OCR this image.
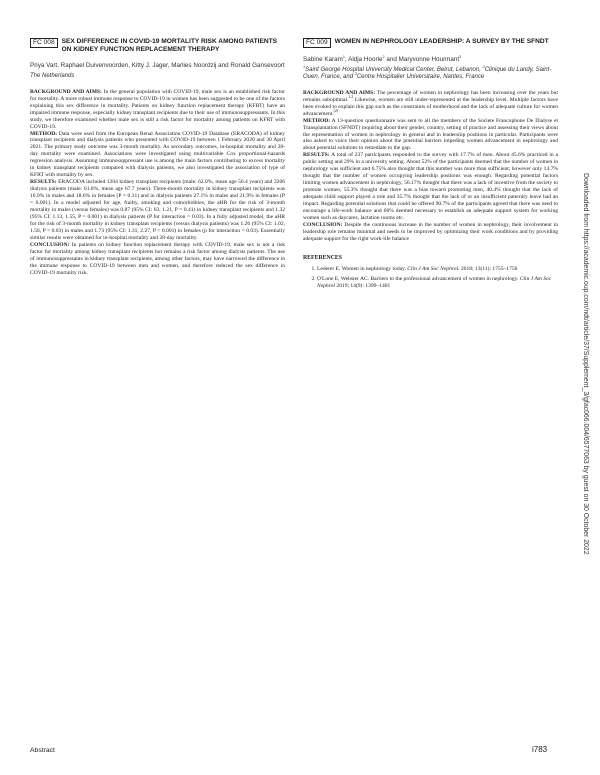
FC 008	SEX DIFFERENCE IN COVID-19 MORTALITY RISK AMONG PATIENTS ON KIDNEY FUNCTION REPLACEMENT THERAPY
Priya Vart, Raphael Duivenvoorden, Kitty J. Jager, Marlies Noordzij and Ronald Gansevoort
The Netherlands

BACKGROUND AND AIMS: In the general population with COVID-19, male sex is an established risk factor for mortality. A more robust immune response to COVID-19 in women has been suggested to be one of the factors explaining this sex difference in mortality. Patients on kidney function replacement therapy (KFRT) have an impaired immune response, especially kidney transplant recipients due to their use of immunosuppressants. In this study, we therefore examined whether male sex is still a risk factor for mortality among patients on KFRT with COVID-19.

METHOD: Data were used from the European Renal Association COVID-19 Database (ERACODA) of kidney transplant recipients and dialysis patients who presented with COVID-19 between 1 February 2020 and 30 April 2021. The primary study outcome was 3-month mortality. As secondary outcomes, in-hospital mortality and 28-day mortality were examined. Associations were investigated using multivariable Cox proportional-hazards regression analysis. Assuming immunosuppressant use is among the main factors contributing to excess mortality in kidney transplant recipients compared with dialysis patients, we also investigated the association of type of KFRT with mortality by sex.

RESULTS: ERACODA included 1204 kidney transplant recipients (male: 62.0%, mean age 56.4 years) and 3206 dialysis patients (male: 61.8%, mean age 67.7 years). Three-month mortality in kidney transplant recipients was 16.9% in males and 18.6% in females (P = 0.31) and in dialysis patients 27.1% in males and 21.9% in females (P = 0.001). In a model adjusted for age, frailty, smoking and comorbidities, the aHR for the risk of 3-month mortality in males (versus females) was 0.87 (95% CI: 63, 1.21, P = 0.41) in kidney transplant recipients and 1.32 (95% CI: 1.13, 1.55, P = 0.001) in dialysis patients (P for interaction = 0.03). In a fully adjusted model, the aHR for the risk of 3-month mortality in kidney transplant recipients (versus dialysis patients) was 1.26 (95% CI: 1.02, 1.56, P = 0.03) in males and 1.73 (95% CI: 1.31, 2.27, P < 0.001) in females (p for interaction = 0.03). Essentially similar results were obtained for in-hospital mortality and 28-day mortality.

CONCLUSION: In patients on kidney function replacement therapy with COVID-19, male sex is not a risk factor for mortality among kidney transplant recipients but remains a risk factor among dialysis patients. The use of immunosuppressants in kidney transplant recipients, among other factors, may have narrowed the difference in the immune response to COVID-19 between men and women, and therefore reduced the sex difference in COVID-19 mortality risk.

FC 009	WOMEN IN NEPHROLOGY LEADERSHIP: A SURVEY BY THE SFNDT
Sabine Karam$^1$, Aldja Hoorie$^2$ and Maryvonne Hourmant$^3$
$^1$Saint George Hospital University Medical Center, Beirut, Lebanon, $^2$Clinique du Landy, Saint-Ouen, France, and $^3$Centre Hospitalier Universitaire, Nantes, France

BACKGROUND AND AIMS: The percentage of women in nephrology has been increasing over the years but remains suboptimal.$^{1,2}$ Likewise, women are still under-represented at the leadership level. Multiple factors have been evoked to explain this gap such as the constraints of motherhood and the lack of adequate culture for women advancement.$^{(2)}$

METHOD: A 13-question questionnaire was sent to all the members of the Societe Francophone De Dialyse et Transplantation (SFNDT) inquiring about their gender, country, setting of practice and assessing their views about the representation of women in nephrology in general and in leadership positions in particular. Participants were also asked to voice their opinion about the potential barriers impeding women advancement in nephrology and about potential solutions to remediate to the gap.

RESULTS: A total of 237 participants responded to the survey with 17.7% of men. About 45.6% practiced in a public setting and 29% in a university setting. About 52% of the participants deemed that the number of women in nephrology was sufficient and 6.75% also thought that this number was more than sufficient; however only 14.7% thought that the number of women occupying leadership positions was enough. Regarding potential factors limiting women advancement in nephrology, 56.17% thought that there was a lack of incentive from the society to promote women, 55.3% thought that there was a bias toward promoting men, 40.4% thought that the lack of adequate child support played a role and 35.7% thought that the lack of or an insufficient paternity leave had an impact. Regarding potential solutions that could be offered 90.7% of the participants agreed that there was need to encourage a life-work balance and 60% deemed necessary to establish an adequate support system for working women such as daycares, lactation rooms etc.

CONCLUSION: Despite the continuous increase in the number of women in nephrology, their involvement in leadership role remains minimal and needs to be improved by optimizing their work conditions and by providing adequate support for the right work-life balance

REFERENCES
1. Lederer E. Women in nephrology today. Clin J Am Soc Nephrol. 2018; 13(11): 1755–1756
2. O'Lone E, Webster AC. Barriers to the professional advancement of women in nephrology. Clin J Am Soc Nephrol 2019; 14(9): 1399–1401	Downloaded from https://academic.oup.com/ndt/article/37/Supplement_3/gfac066.004/6577063 by guest on 30 October 2022
Abstract	i783
